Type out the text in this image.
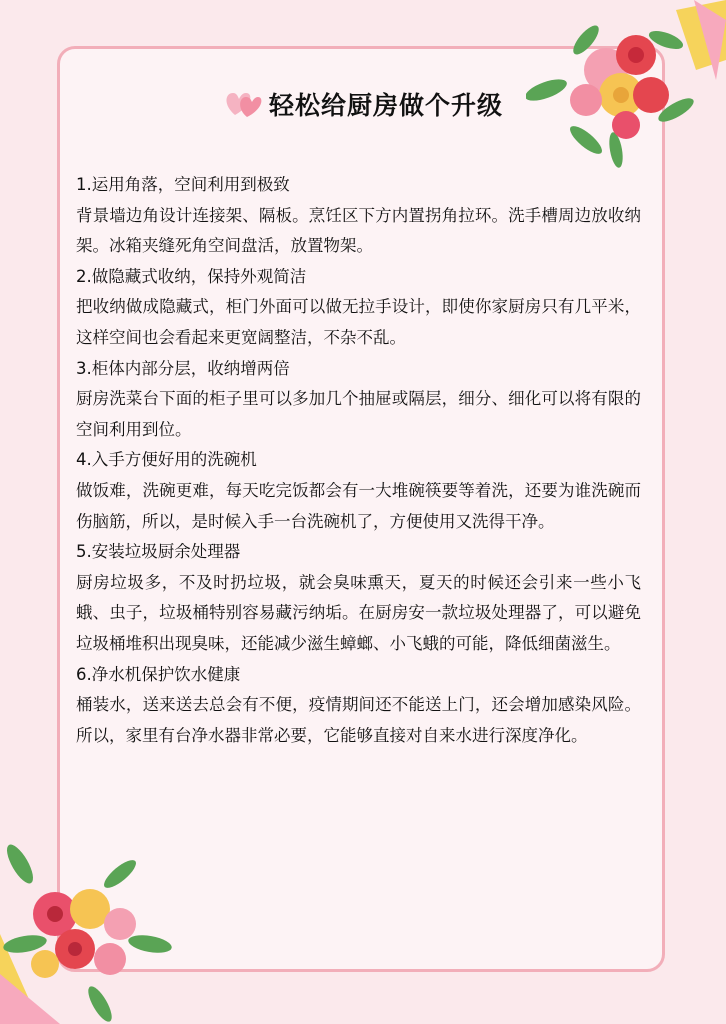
轻松给厨房做个升级

1.运用角落，空间利用到极致

背景墙边角设计连接架、隔板。烹饪区下方内置拐角拉环。洗手槽周边放收纳架。冰箱夹缝死角空间盘活，放置物架。

2.做隐藏式收纳，保持外观简洁

把收纳做成隐藏式，柜门外面可以做无拉手设计，即使你家厨房只有几平米，这样空间也会看起来更宽阔整洁，不杂不乱。

3.柜体内部分层，收纳增两倍

厨房洗菜台下面的柜子里可以多加几个抽屉或隔层，细分、细化可以将有限的空间利用到位。

4.入手方便好用的洗碗机

做饭难，洗碗更难，每天吃完饭都会有一大堆碗筷要等着洗，还要为谁洗碗而伤脑筋，所以，是时候入手一台洗碗机了，方便使用又洗得干净。

5.安装垃圾厨余处理器

厨房垃圾多，不及时扔垃圾，就会臭味熏天，夏天的时候还会引来一些小飞蛾、虫子，垃圾桶特别容易藏污纳垢。在厨房安一款垃圾处理器了，可以避免垃圾桶堆积出现臭味，还能减少滋生蟑螂、小飞蛾的可能，降低细菌滋生。

6.净水机保护饮水健康

桶装水，送来送去总会有不便，疫情期间还不能送上门，还会增加感染风险。所以，家里有台净水器非常必要，它能够直接对自来水进行深度净化。
